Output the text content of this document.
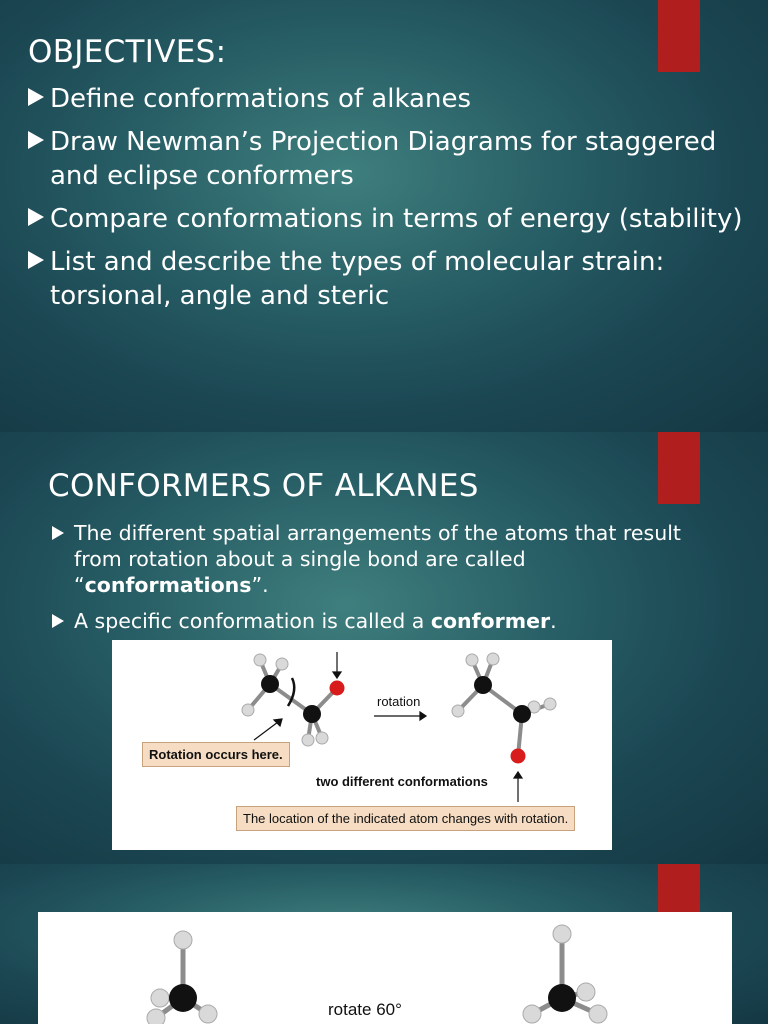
OBJECTIVES:
Define conformations of alkanes
Draw Newman’s Projection Diagrams for staggered and eclipse conformers
Compare conformations in terms of energy (stability)
List and describe the types of molecular strain: torsional, angle and steric
CONFORMERS OF ALKANES
The different spatial arrangements of the atoms that result from rotation about a single bond are called “conformations”.
A specific conformation is called a conformer.
rotation
Rotation occurs here.
two different conformations
The location of the indicated atom changes with rotation.
rotate 60°
